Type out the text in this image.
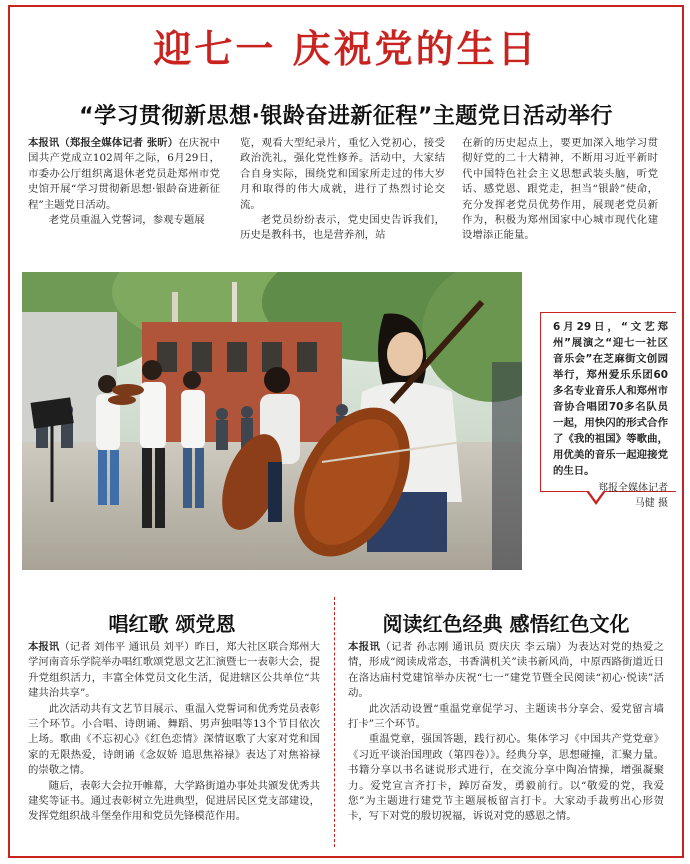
迎七一 庆祝党的生日
“学习贯彻新思想·银龄奋进新征程”主题党日活动举行

本报讯（郑报全媒体记者 张昕）在庆祝中国共产党成立102周年之际，6月29日，市委办公厅组织离退休老党员赴郑州市党史馆开展“学习贯彻新思想·银龄奋进新征程”主题党日活动。

老党员重温入党誓词，参观专题展

览，观看大型纪录片，重忆入党初心，接受政治洗礼，强化党性修养。活动中，大家结合自身实际，围绕党和国家所走过的伟大岁月和取得的伟大成就，进行了热烈讨论交流。

老党员纷纷表示，党史国史告诉我们，历史是教科书，也是营养剂，站

在新的历史起点上，要更加深入地学习贯彻好党的二十大精神，不断用习近平新时代中国特色社会主义思想武装头脑，听党话、感党恩、跟党走，担当“银龄”使命，充分发挥老党员优势作用，展现老党员新作为，积极为郑州国家中心城市现代化建设增添正能量。

6月29日，“文艺郑州”展演之“迎七一社区音乐会”在芝麻街文创园举行，郑州爱乐乐团60多名专业音乐人和郑州市音协合唱团70多名队员一起，用快闪的形式合作了《我的祖国》等歌曲，用优美的音乐一起迎接党的生日。
郑报全媒体记者
马健 摄
唱红歌 颂党恩	阅读红色经典 感悟红色文化

本报讯（记者 刘伟平 通讯员 刘平）昨日，郑大社区联合郑州大学河南音乐学院举办唱红歌颂党恩文艺汇演暨七一表彰大会，提升党组织活力，丰富全体党员文化生活，促进辖区公共单位“共建共治共享”。

此次活动共有文艺节目展示、重温入党誓词和优秀党员表彰三个环节。小合唱、诗朗诵、舞蹈、男声独唱等13个节目依次上场。歌曲《不忘初心》《红色恋情》深情讴歌了大家对党和国家的无限热爱，诗朗诵《念奴娇 追思焦裕禄》表达了对焦裕禄的崇敬之情。

随后，表彰大会拉开帷幕，大学路街道办事处共颁发优秀共建奖等证书。通过表彰树立先进典型，促进居民区党支部建设，发挥党组织战斗堡垒作用和党员先锋模范作用。

本报讯（记者 孙志刚 通讯员 贾庆庆 李云瑞）为表达对党的热爱之情，形成“阅读成常态，书香满机关”读书新风尚，中原西路街道近日在洛达庙村党建馆举办庆祝“七一”建党节暨全民阅读“初心·悦读”活动。

此次活动设置“重温党章促学习、主题读书分享会、爱党留言墙打卡”三个环节。

重温党章，强国答题，践行初心。集体学习《中国共产党党章》《习近平谈治国理政（第四卷）》。经典分享，思想碰撞，汇聚力量。书籍分享以书名谜说形式进行，在交流分享中陶冶情操，增强凝聚力。爱党宣言齐打卡，踔厉奋发，勇毅前行。以“敬爱的党，我爱您”为主题进行建党节主题展板留言打卡。大家动手裁剪出心形贺卡，写下对党的殷切祝福，诉说对党的感恩之情。
